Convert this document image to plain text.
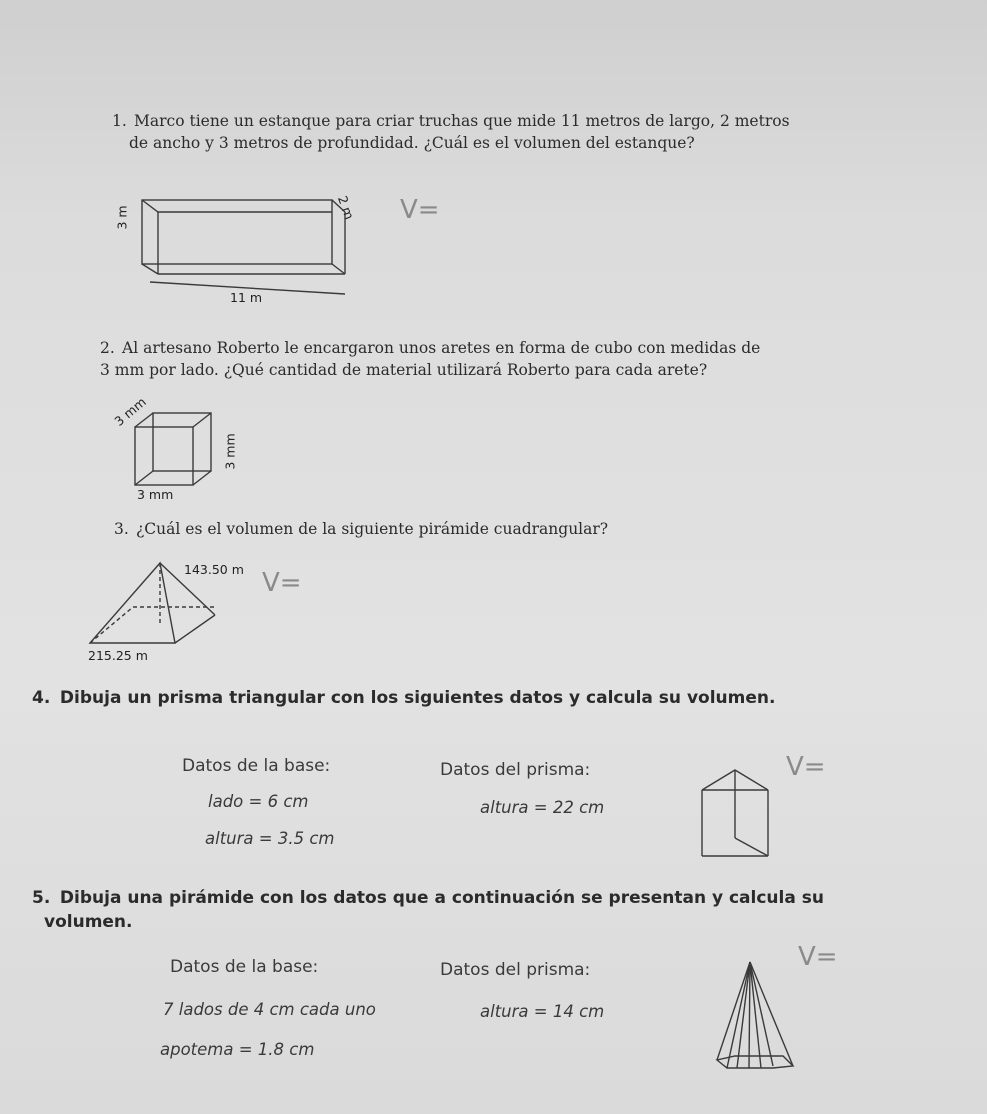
1. Marco tiene un estanque para criar truchas que mide 11 metros de largo, 2 metros
de ancho y 3 metros de profundidad. ¿Cuál es el volumen del estanque?
3 m	2 m
11 m
V=
2. Al artesano Roberto le encargaron unos aretes en forma de cubo con medidas de
3 mm por lado. ¿Qué cantidad de material utilizará Roberto para cada arete?
3 mm
3 mm
3 mm
3. ¿Cuál es el volumen de la siguiente pirámide cuadrangular?
143.50 m
215.25 m
V=
4. Dibuja un prisma triangular con los siguientes datos y calcula su volumen.
Datos de la base:	Datos del prisma:
lado = 6 cm	altura = 22 cm
altura = 3.5 cm
V=
5. Dibuja una pirámide con los datos que a continuación se presentan y calcula su
volumen.
Datos de la base:	Datos del prisma:
7 lados de 4 cm cada uno	altura = 14 cm
apotema = 1.8 cm
V=
